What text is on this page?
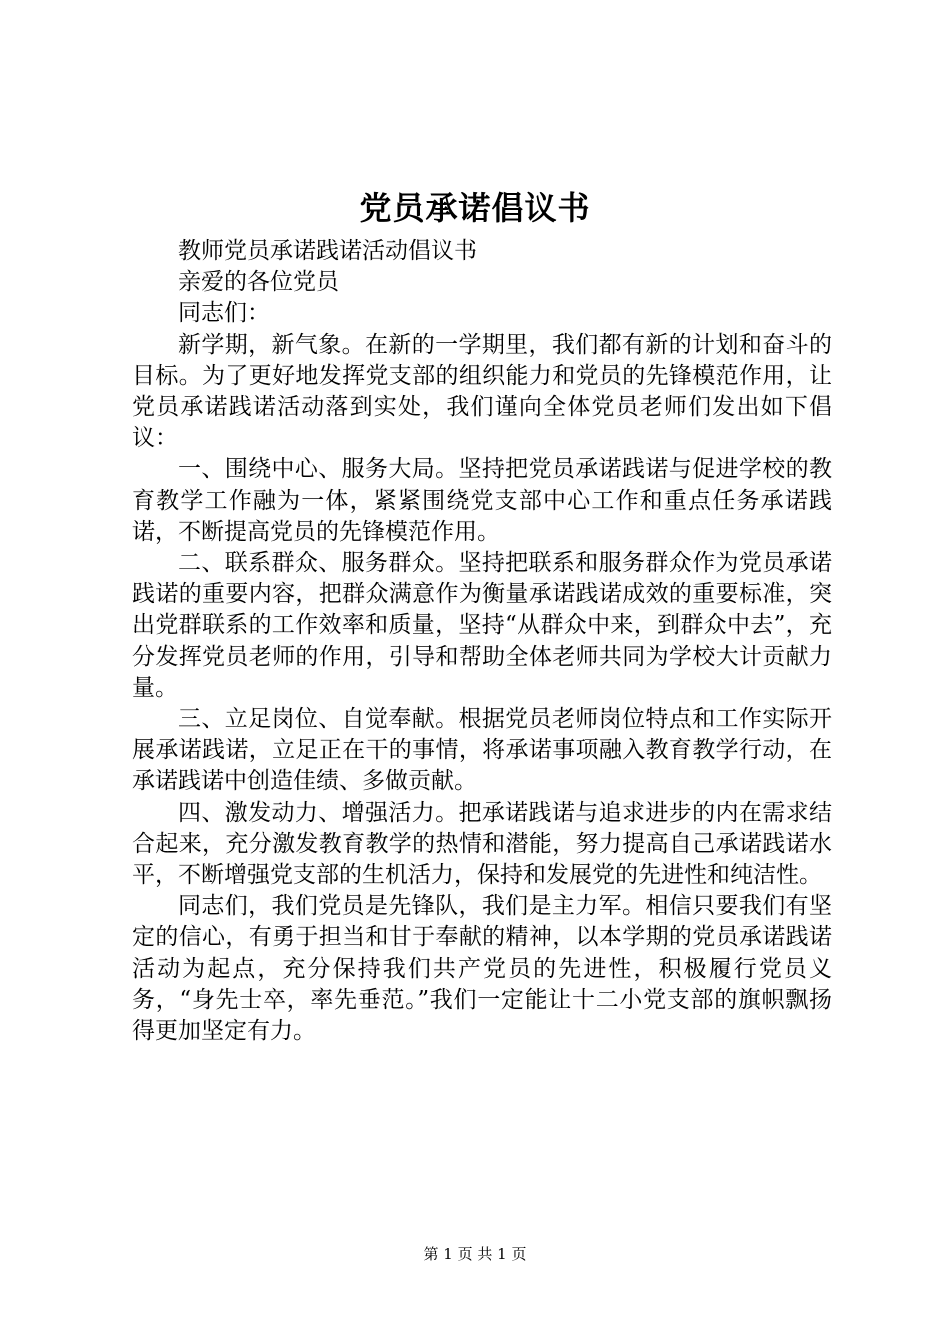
党员承诺倡议书

教师党员承诺践诺活动倡议书

亲爱的各位党员

同志们：

新学期，新气象。在新的一学期里，我们都有新的计划和奋斗的目标。为了更好地发挥党支部的组织能力和党员的先锋模范作用，让党员承诺践诺活动落到实处，我们谨向全体党员老师们发出如下倡议：

一、围绕中心、服务大局。坚持把党员承诺践诺与促进学校的教育教学工作融为一体，紧紧围绕党支部中心工作和重点任务承诺践诺，不断提高党员的先锋模范作用。

二、联系群众、服务群众。坚持把联系和服务群众作为党员承诺践诺的重要内容，把群众满意作为衡量承诺践诺成效的重要标准，突出党群联系的工作效率和质量，坚持“从群众中来，到群众中去”，充分发挥党员老师的作用，引导和帮助全体老师共同为学校大计贡献力量。

三、立足岗位、自觉奉献。根据党员老师岗位特点和工作实际开展承诺践诺，立足正在干的事情，将承诺事项融入教育教学行动，在承诺践诺中创造佳绩、多做贡献。

四、激发动力、增强活力。把承诺践诺与追求进步的内在需求结合起来，充分激发教育教学的热情和潜能，努力提高自己承诺践诺水平，不断增强党支部的生机活力，保持和发展党的先进性和纯洁性。

同志们，我们党员是先锋队，我们是主力军。相信只要我们有坚定的信心，有勇于担当和甘于奉献的精神，以本学期的党员承诺践诺活动为起点，充分保持我们共产党员的先进性，积极履行党员义务，“身先士卒，率先垂范。”我们一定能让十二小党支部的旗帜飘扬得更加坚定有力。

第 1 页 共 1 页
